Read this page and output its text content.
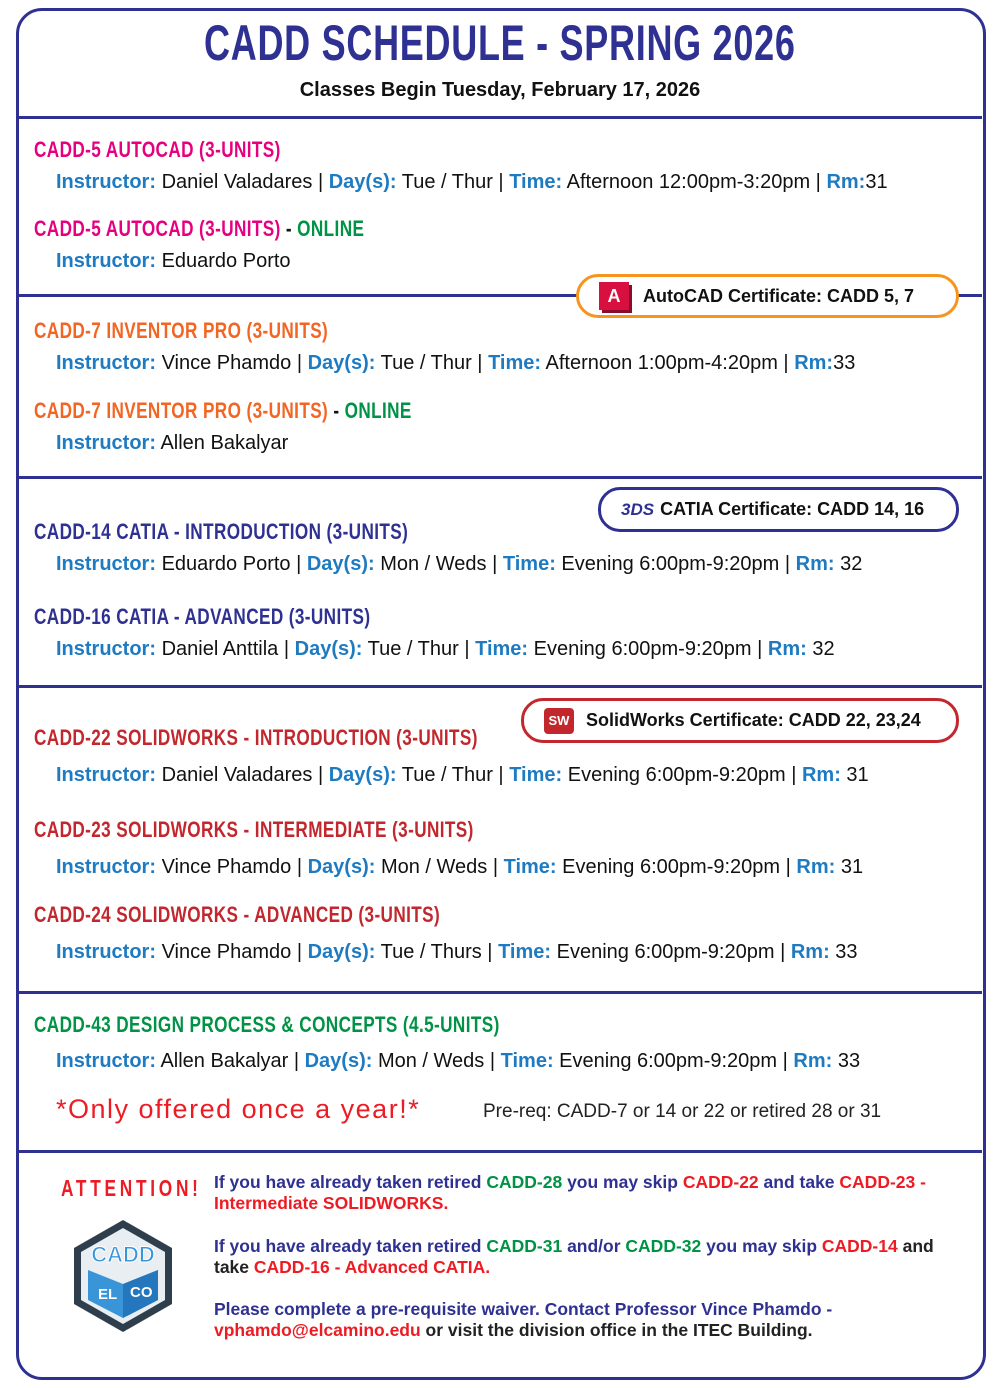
CADD SCHEDULE - SPRING 2026
Classes Begin Tuesday, February 17, 2026
CADD-5 AUTOCAD (3-UNITS)
Instructor: Daniel Valadares | Day(s): Tue / Thur | Time: Afternoon 12:00pm-3:20pm | Rm:31
CADD-5 AUTOCAD (3-UNITS) - ONLINE
Instructor: Eduardo Porto
CADD-7 INVENTOR PRO (3-UNITS)
Instructor: Vince Phamdo | Day(s): Tue / Thur | Time: Afternoon 1:00pm-4:20pm | Rm:33
CADD-7 INVENTOR PRO (3-UNITS) - ONLINE
Instructor: Allen Bakalyar
CADD-14 CATIA - INTRODUCTION (3-UNITS)
Instructor: Eduardo Porto | Day(s): Mon / Weds | Time: Evening 6:00pm-9:20pm | Rm: 32
CADD-16 CATIA - ADVANCED (3-UNITS)
Instructor: Daniel Anttila | Day(s): Tue / Thur | Time: Evening 6:00pm-9:20pm | Rm: 32
CADD-22 SOLIDWORKS - INTRODUCTION (3-UNITS)
Instructor: Daniel Valadares | Day(s): Tue / Thur | Time: Evening 6:00pm-9:20pm | Rm: 31
CADD-23 SOLIDWORKS - INTERMEDIATE (3-UNITS)
Instructor: Vince Phamdo | Day(s): Mon / Weds | Time: Evening 6:00pm-9:20pm | Rm: 31
CADD-24 SOLIDWORKS - ADVANCED (3-UNITS)
Instructor: Vince Phamdo | Day(s): Tue / Thurs | Time: Evening 6:00pm-9:20pm | Rm: 33
CADD-43 DESIGN PROCESS & CONCEPTS (4.5-UNITS)
Instructor: Allen Bakalyar | Day(s): Mon / Weds | Time: Evening 6:00pm-9:20pm | Rm: 33
A	AutoCAD Certificate: CADD 5, 7
3DS CATIA Certificate: CADD 14, 16
SW SolidWorks Certificate: CADD 22, 23,24
*Only offered once a year!*	Pre-req: CADD-7 or 14 or 22 or retired 28 or 31
ATTENTION!
CADD
EL CO
If you have already taken retired CADD-28 you may skip CADD-22 and take CADD-23 - Intermediate SOLIDWORKS.
If you have already taken retired CADD-31 and/or CADD-32 you may skip CADD-14 and take CADD-16 - Advanced CATIA.
Please complete a pre-requisite waiver. Contact Professor Vince Phamdo - vphamdo@elcamino.edu or visit the division office in the ITEC Building.
